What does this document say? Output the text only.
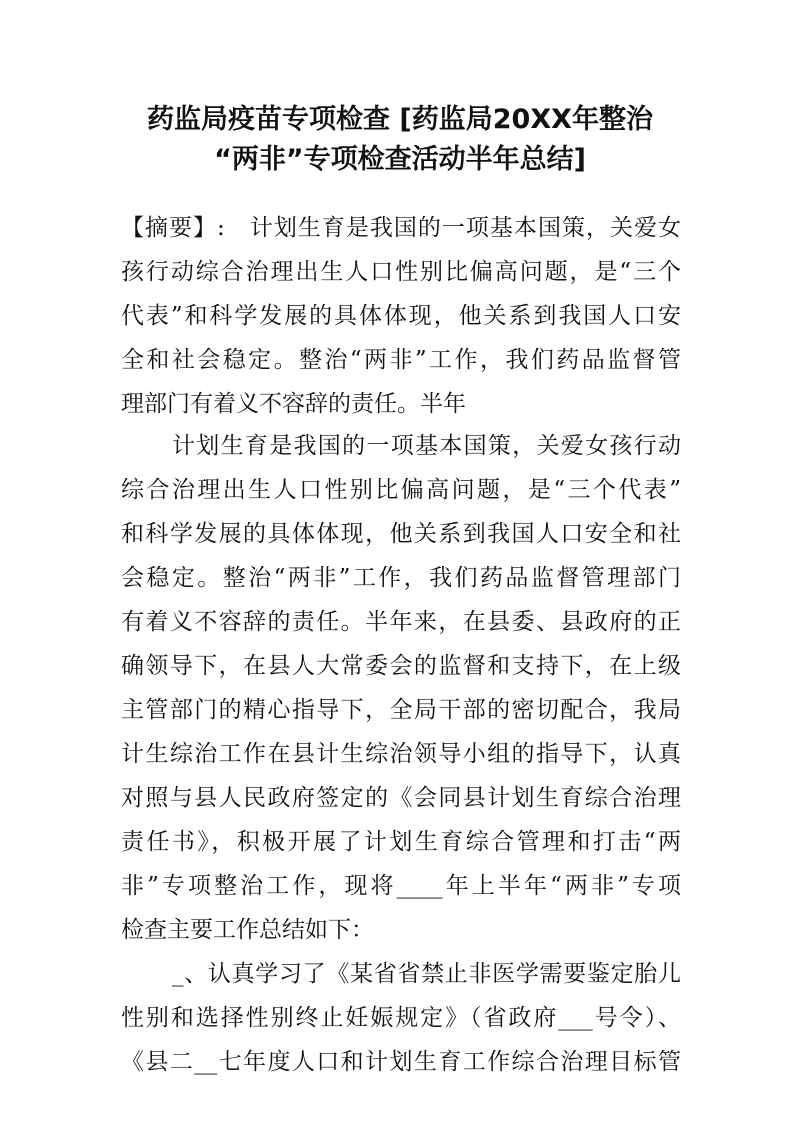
药监局疫苗专项检查 [药监局20XX年整治
“两非”专项检查活动半年总结]
【摘要】:　计划生育是我国的一项基本国策，关爱女
孩行动综合治理出生人口性别比偏高问题，是“三个
代表”和科学发展的具体体现，他关系到我国人口安
全和社会稳定。整治“两非”工作，我们药品监督管
理部门有着义不容辞的责任。半年
计划生育是我国的一项基本国策，关爱女孩行动
综合治理出生人口性别比偏高问题，是“三个代表”
和科学发展的具体体现，他关系到我国人口安全和社
会稳定。整治“两非”工作，我们药品监督管理部门
有着义不容辞的责任。半年来，在县委、县政府的正
确领导下，在县人大常委会的监督和支持下，在上级
主管部门的精心指导下，全局干部的密切配合，我局
计生综治工作在县计生综治领导小组的指导下，认真
对照与县人民政府签定的《会同县计划生育综合治理
责任书》，积极开展了计划生育综合管理和打击“两
非”专项整治工作，现将____年上半年“两非”专项
检查主要工作总结如下：
_、认真学习了《某省省禁止非医学需要鉴定胎儿
性别和选择性别终止妊娠规定》（省政府___号令）、
《县二__七年度人口和计划生育工作综合治理目标管
